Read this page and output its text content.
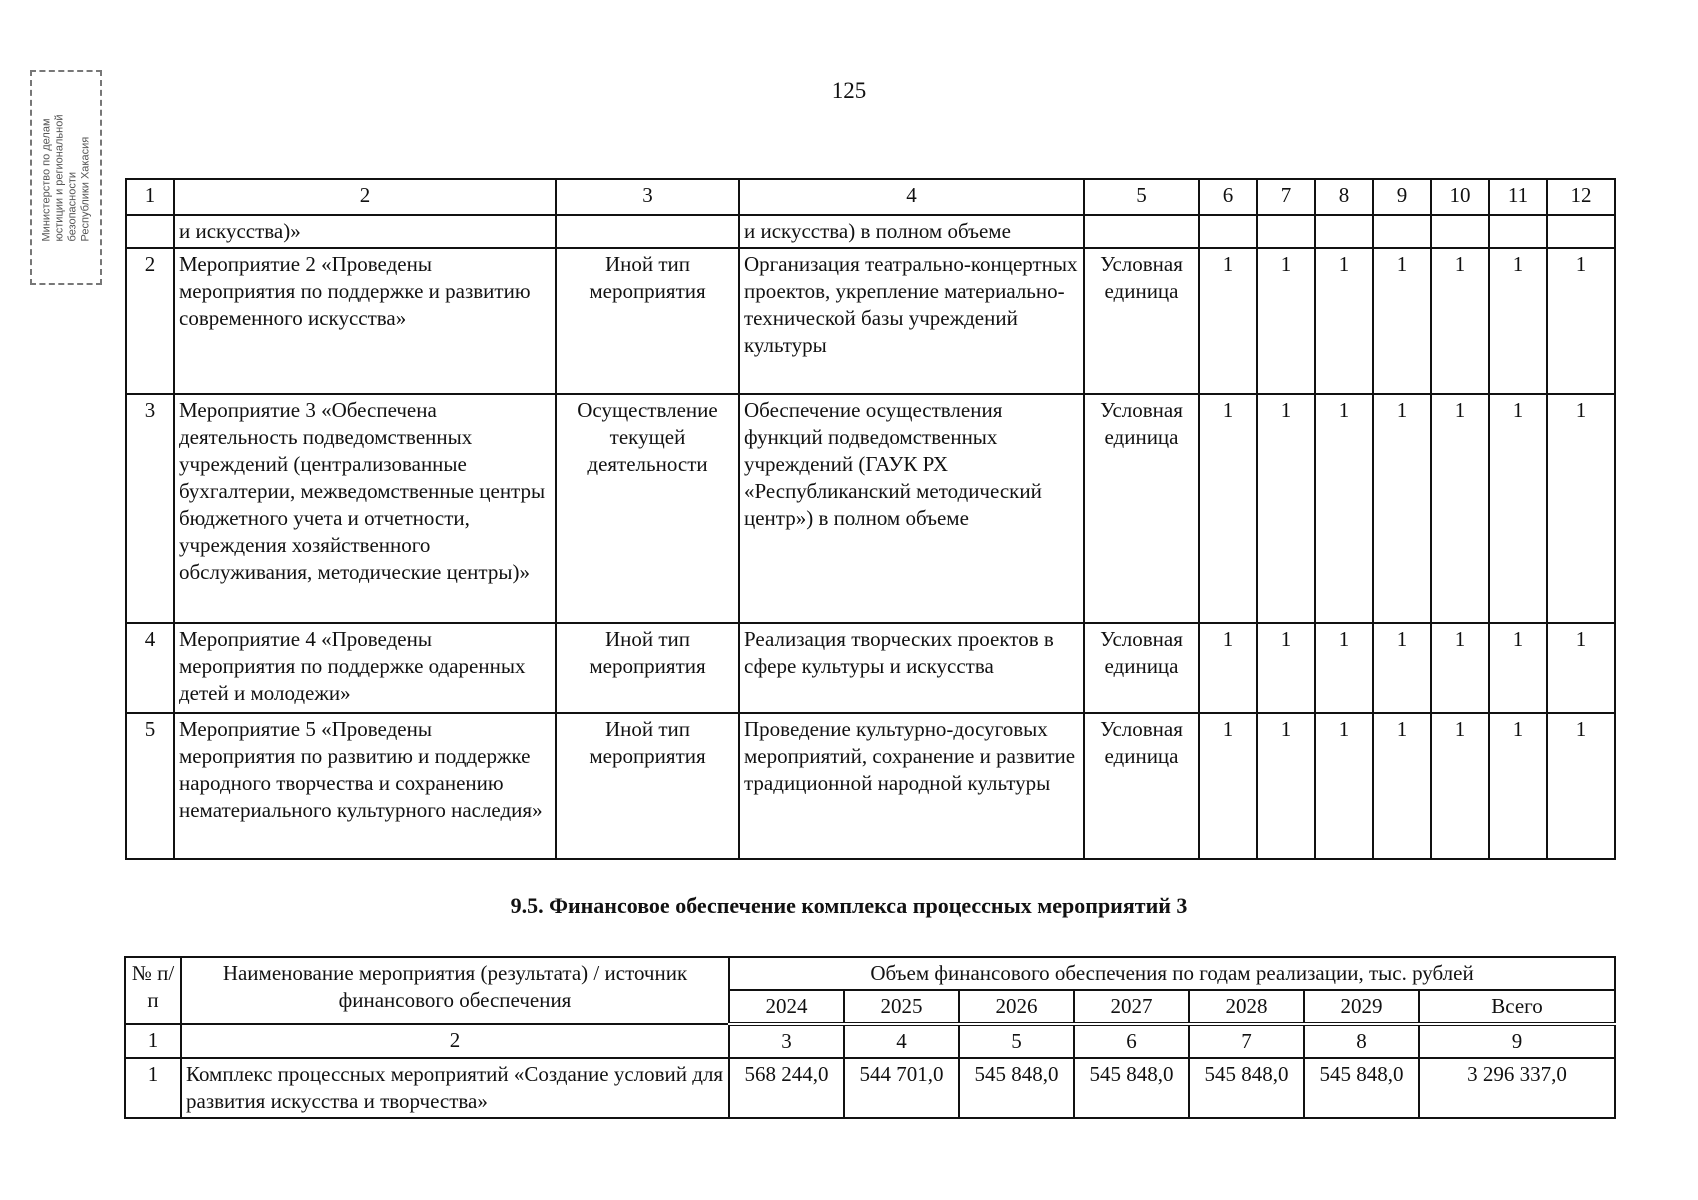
125
Министерство по делам юстиции и региональной безопасности Республики Хакасия	1	2	3	4	5	6	7	8	9	10	11	12
	и искусства)»		и искусства) в полном объеме								
2	Мероприятие 2 «Проведены мероприятия по поддержке и развитию современного искусства»	Иной тип мероприятия	Организация театрально-концертных проектов, укрепление материально-технической базы учреждений культуры	Условная единица	1	1	1	1	1	1	1
3	Мероприятие 3 «Обеспечена деятельность подведомственных учреждений (централизованные бухгалтерии, межведомственные центры бюджетного учета и отчетности, учреждения хозяйственного обслуживания, методические центры)»	Осуществление текущей деятельности	Обеспечение осуществления функций подведомственных учреждений (ГАУК РХ «Республиканский методический центр») в полном объеме	Условная единица	1	1	1	1	1	1	1
4	Мероприятие 4 «Проведены мероприятия по поддержке одаренных детей и молодежи»	Иной тип мероприятия	Реализация творческих проектов в сфере культуры и искусства	Условная единица	1	1	1	1	1	1	1
5	Мероприятие 5 «Проведены мероприятия по развитию и поддержке народного творчества и сохранению нематериального культурного наследия»	Иной тип мероприятия	Проведение культурно-досуговых мероприятий, сохранение и развитие традиционной народной культуры	Условная единица	1	1	1	1	1	1	1
9.5. Финансовое обеспечение комплекса процессных мероприятий 3
№ п/п	Наименование мероприятия (результата) / источник финансового обеспечения	Объем финансового обеспечения по годам реализации, тыс. рублей						
		2024	2025	2026	2027	2028	2029	Всего
1	2	3	4	5	6	7	8	9
1	Комплекс процессных мероприятий «Создание условий для развития искусства и творчества»	568 244,0	544 701,0	545 848,0	545 848,0	545 848,0	545 848,0	3 296 337,0
